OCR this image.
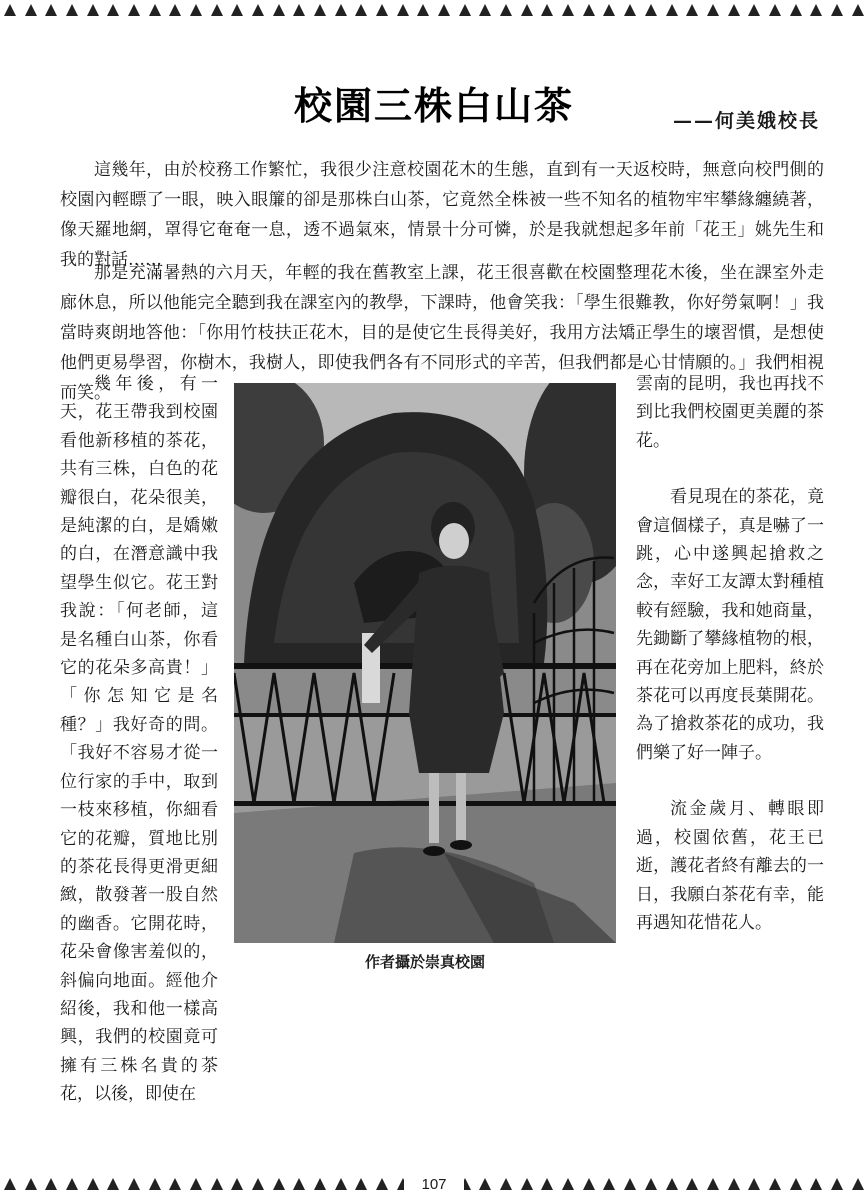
校園三株白山茶	——何美娥校長

這幾年，由於校務工作繁忙，我很少注意校園花木的生態，直到有一天返校時，無意向校門側的校園內輕瞟了一眼，映入眼簾的卻是那株白山茶，它竟然全株被一些不知名的植物牢牢攀緣纏繞著，像天羅地網，罩得它奄奄一息，透不過氣來，情景十分可憐，於是我就想起多年前「花王」姚先生和我的對話……

那是充滿暑熱的六月天，年輕的我在舊教室上課，花王很喜歡在校園整理花木後，坐在課室外走廊休息，所以他能完全聽到我在課室內的教學，下課時，他會笑我：「學生很難教，你好勞氣啊！」我當時爽朗地答他：「你用竹枝扶正花木，目的是使它生長得美好，我用方法矯正學生的壞習慣，是想使他們更易學習，你樹木，我樹人，即使我們各有不同形式的辛苦，但我們都是心甘情願的。」我們相視而笑。

幾年後，有一天，花王帶我到校園看他新移植的茶花，共有三株，白色的花瓣很白，花朵很美，是純潔的白，是嬌嫩的白，在潛意識中我望學生似它。花王對我說：「何老師，這是名種白山茶，你看它的花朵多高貴！」「你怎知它是名種？」我好奇的問。「我好不容易才從一位行家的手中，取到一枝來移植，你細看它的花瓣，質地比別的茶花長得更滑更細緻，散發著一股自然的幽香。它開花時，花朵會像害羞似的，斜偏向地面。經他介紹後，我和他一樣高興，我們的校園竟可擁有三株名貴的茶花，以後，即使在

雲南的昆明，我也再找不到比我們校園更美麗的茶花。

看見現在的茶花，竟會這個樣子，真是嚇了一跳，心中遂興起搶救之念，幸好工友譚太對種植較有經驗，我和她商量，先鋤斷了攀緣植物的根，再在花旁加上肥料，終於茶花可以再度長葉開花。為了搶救茶花的成功，我們樂了好一陣子。

流金歲月、轉眼即過，校園依舊，花王已逝，護花者終有離去的一日，我願白茶花有幸，能再遇知花惜花人。

作者攝於崇真校園
107
